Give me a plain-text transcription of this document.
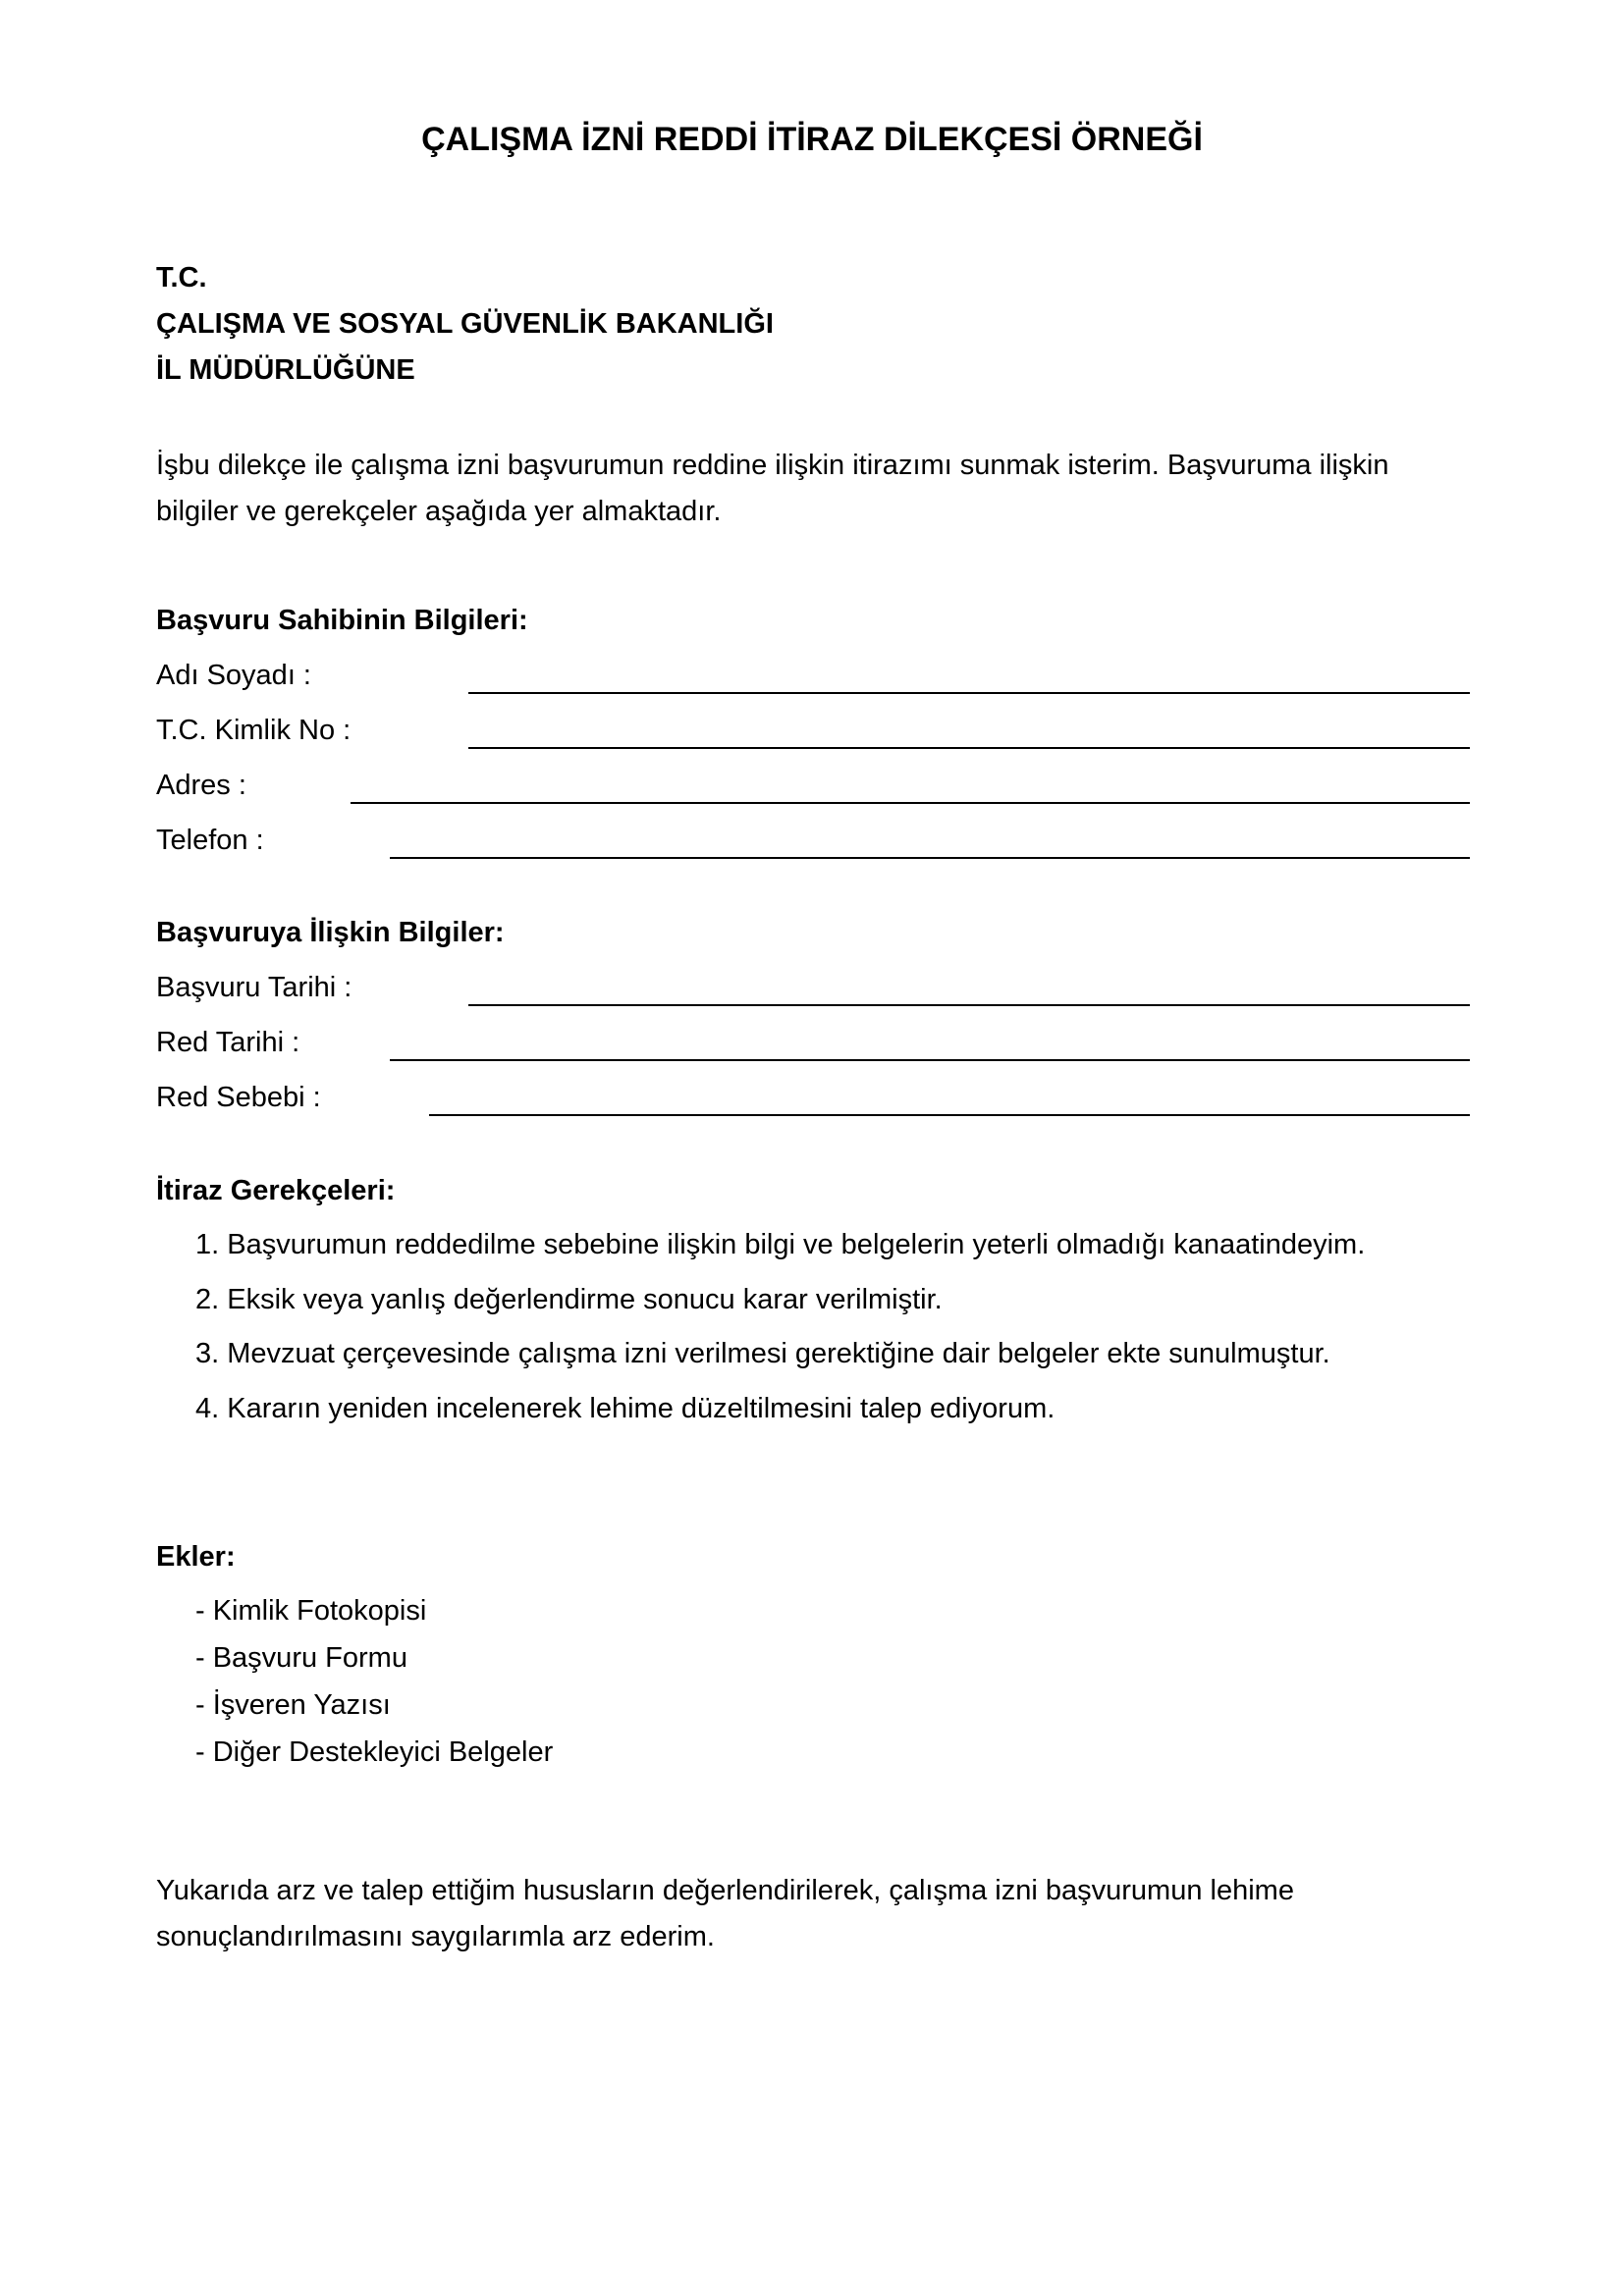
ÇALIŞMA İZNİ REDDİ İTİRAZ DİLEKÇESİ ÖRNEĞİ
T.C.
ÇALIŞMA VE SOSYAL GÜVENLİK BAKANLIĞI
İL MÜDÜRLÜĞÜNE
İşbu dilekçe ile çalışma izni başvurumun reddine ilişkin itirazımı sunmak isterim. Başvuruma ilişkin
bilgiler ve gerekçeler aşağıda yer almaktadır.
Başvuru Sahibinin Bilgileri:
Adı Soyadı :
T.C. Kimlik No :
Adres :
Telefon :
Başvuruya İlişkin Bilgiler:
Başvuru Tarihi :
Red Tarihi :
Red Sebebi :
İtiraz Gerekçeleri:
1. Başvurumun reddedilme sebebine ilişkin bilgi ve belgelerin yeterli olmadığı kanaatindeyim.
2. Eksik veya yanlış değerlendirme sonucu karar verilmiştir.
3. Mevzuat çerçevesinde çalışma izni verilmesi gerektiğine dair belgeler ekte sunulmuştur.
4. Kararın yeniden incelenerek lehime düzeltilmesini talep ediyorum.
Ekler:
- Kimlik Fotokopisi
- Başvuru Formu
- İşveren Yazısı
- Diğer Destekleyici Belgeler
Yukarıda arz ve talep ettiğim hususların değerlendirilerek, çalışma izni başvurumun lehime
sonuçlandırılmasını saygılarımla arz ederim.
